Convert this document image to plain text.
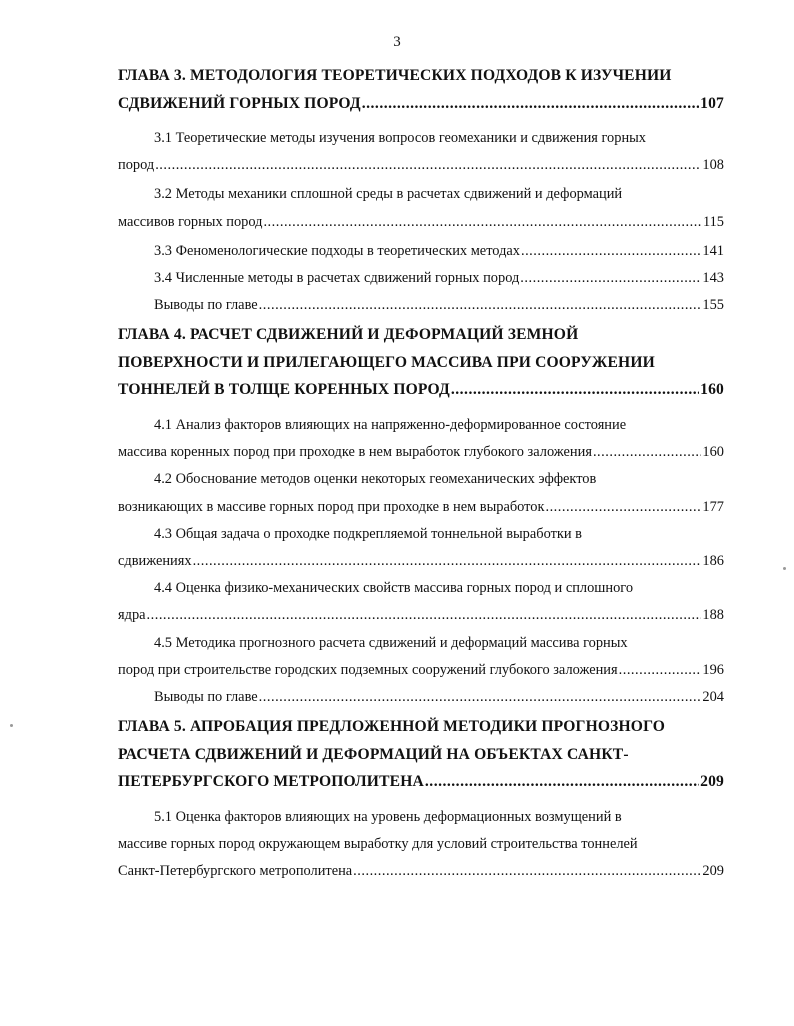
3
ГЛАВА 3. МЕТОДОЛОГИЯ ТЕОРЕТИЧЕСКИХ ПОДХОДОВ К ИЗУЧЕНИИ
СДВИЖЕНИЙ ГОРНЫХ ПОРОД .....	107
3.1 Теоретические методы изучения вопросов геомеханики и сдвижения горных
пород .....	108
3.2 Методы механики сплошной среды в расчетах сдвижений и деформаций
массивов горных пород .....	115
3.3 Феноменологические подходы в теоретических методах .....	141
3.4 Численные методы в расчетах сдвижений горных пород .....	143
Выводы по главе .....	155
ГЛАВА 4. РАСЧЕТ СДВИЖЕНИЙ И ДЕФОРМАЦИЙ ЗЕМНОЙ
ПОВЕРХНОСТИ И ПРИЛЕГАЮЩЕГО МАССИВА ПРИ СООРУЖЕНИИ
ТОННЕЛЕЙ В ТОЛЩЕ КОРЕННЫХ ПОРОД .....	160
4.1 Анализ факторов влияющих на напряженно-деформированное состояние
массива коренных пород при проходке в нем выработок глубокого заложения .....	160
4.2 Обоснование методов оценки некоторых геомеханических эффектов
возникающих в массиве горных пород при проходке в нем выработок .....	177
4.3 Общая задача о проходке подкрепляемой тоннельной выработки в
сдвижениях .....	186
4.4 Оценка физико-механических свойств массива горных пород и сплошного
ядра .....	188
4.5 Методика прогнозного расчета сдвижений и деформаций массива горных
пород при строительстве городских подземных сооружений глубокого заложения .....	196
Выводы по главе .....	204
ГЛАВА 5. АПРОБАЦИЯ ПРЕДЛОЖЕННОЙ МЕТОДИКИ ПРОГНОЗНОГО
РАСЧЕТА СДВИЖЕНИЙ И ДЕФОРМАЦИЙ НА ОБЪЕКТАХ САНКТ-
ПЕТЕРБУРГСКОГО МЕТРОПОЛИТЕНА .....	209
5.1 Оценка факторов влияющих на уровень деформационных возмущений в
массиве горных пород окружающем выработку для условий строительства тоннелей
Санкт-Петербургского метрополитена .....	209
